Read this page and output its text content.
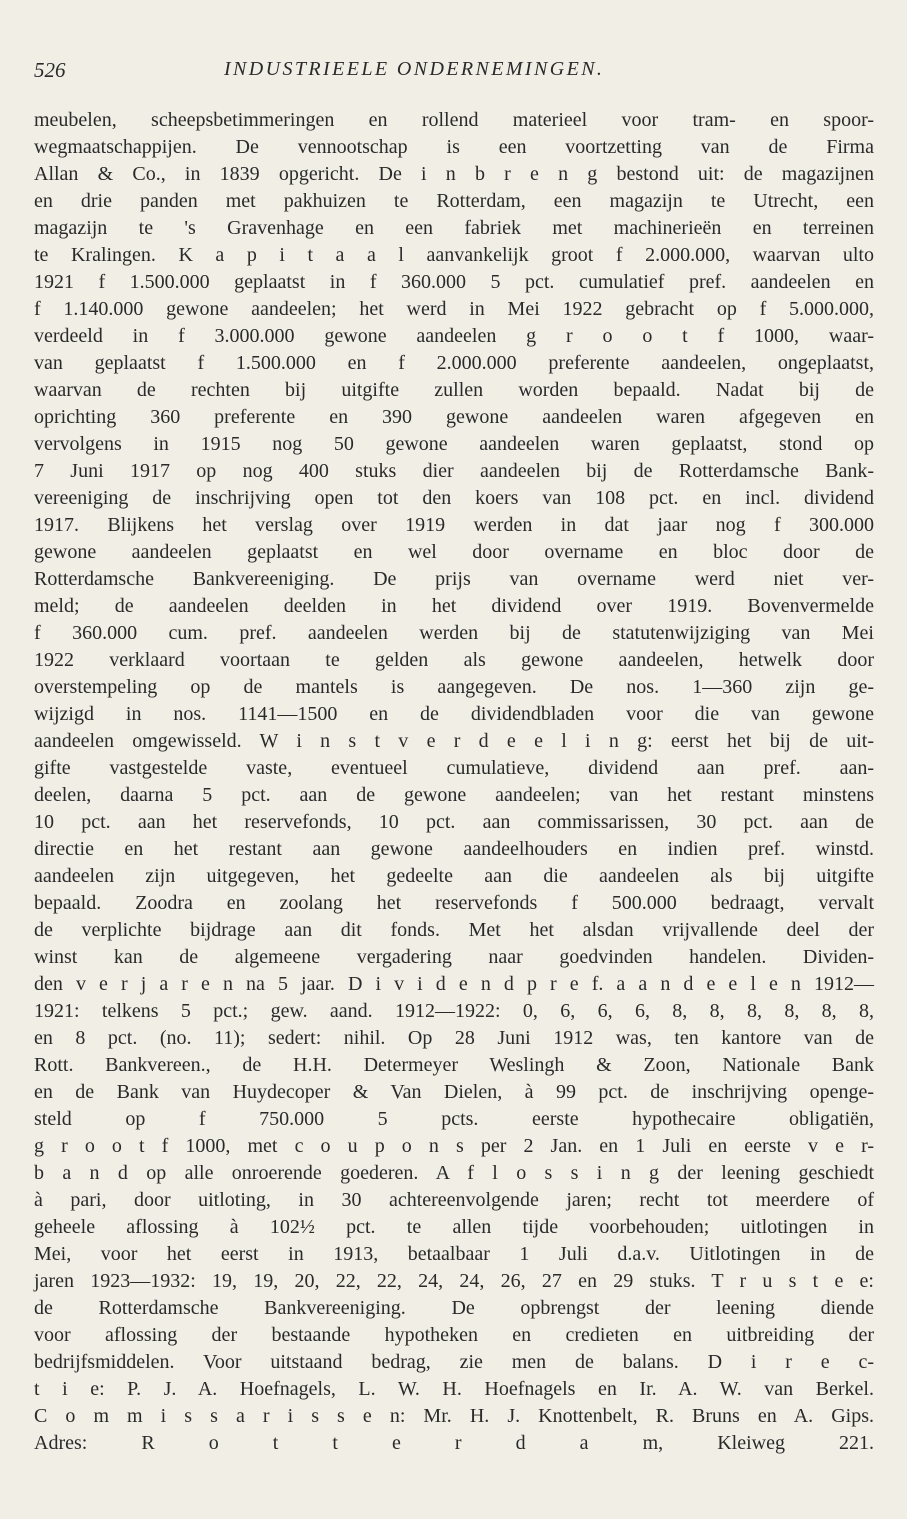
526	INDUSTRIEELE ONDERNEMINGEN.
meubelen, scheepsbetimmeringen en rollend materieel voor tram- en spoor-
wegmaatschappijen. De vennootschap is een voortzetting van de Firma
Allan & Co., in 1839 opgericht. De i n b r e n g bestond uit: de magazijnen
en drie panden met pakhuizen te Rotterdam, een magazijn te Utrecht, een
magazijn te 's Gravenhage en een fabriek met machinerieën en terreinen
te Kralingen. K a p i t a a l aanvankelijk groot f 2.000.000, waarvan ulto
1921 f 1.500.000 geplaatst in f 360.000 5 pct. cumulatief pref. aandeelen en
f 1.140.000 gewone aandeelen; het werd in Mei 1922 gebracht op f 5.000.000,
verdeeld in f 3.000.000 gewone aandeelen g r o o t f 1000, waar-
van geplaatst f 1.500.000 en f 2.000.000 preferente aandeelen, ongeplaatst,
waarvan de rechten bij uitgifte zullen worden bepaald. Nadat bij de
oprichting 360 preferente en 390 gewone aandeelen waren afgegeven en
vervolgens in 1915 nog 50 gewone aandeelen waren geplaatst, stond op
7 Juni 1917 op nog 400 stuks dier aandeelen bij de Rotterdamsche Bank-
vereeniging de inschrijving open tot den koers van 108 pct. en incl. dividend
1917. Blijkens het verslag over 1919 werden in dat jaar nog f 300.000
gewone aandeelen geplaatst en wel door overname en bloc door de
Rotterdamsche Bankvereeniging. De prijs van overname werd niet ver-
meld; de aandeelen deelden in het dividend over 1919. Bovenvermelde
f 360.000 cum. pref. aandeelen werden bij de statutenwijziging van Mei
1922 verklaard voortaan te gelden als gewone aandeelen, hetwelk door
overstempeling op de mantels is aangegeven. De nos. 1—360 zijn ge-
wijzigd in nos. 1141—1500 en de dividendbladen voor die van gewone
aandeelen omgewisseld. W i n s t v e r d e e l i n g: eerst het bij de uit-
gifte vastgestelde vaste, eventueel cumulatieve, dividend aan pref. aan-
deelen, daarna 5 pct. aan de gewone aandeelen; van het restant minstens
10 pct. aan het reservefonds, 10 pct. aan commissarissen, 30 pct. aan de
directie en het restant aan gewone aandeelhouders en indien pref. winstd.
aandeelen zijn uitgegeven, het gedeelte aan die aandeelen als bij uitgifte
bepaald. Zoodra en zoolang het reservefonds f 500.000 bedraagt, vervalt
de verplichte bijdrage aan dit fonds. Met het alsdan vrijvallende deel der
winst kan de algemeene vergadering naar goedvinden handelen. Dividen-
den v e r j a r e n na 5 jaar. D i v i d e n d p r e f. a a n d e e l e n 1912—
1921: telkens 5 pct.; gew. aand. 1912—1922: 0, 6, 6, 6, 8, 8, 8, 8, 8, 8,
en 8 pct. (no. 11); sedert: nihil. Op 28 Juni 1912 was, ten kantore van de
Rott. Bankvereen., de H.H. Determeyer Weslingh & Zoon, Nationale Bank
en de Bank van Huydecoper & Van Dielen, à 99 pct. de inschrijving openge-
steld op f 750.000 5 pcts. eerste hypothecaire obligatiën,
g r o o t f 1000, met c o u p o n s per 2 Jan. en 1 Juli en eerste v e r-
b a n d op alle onroerende goederen. A f l o s s i n g der leening geschiedt
à pari, door uitloting, in 30 achtereenvolgende jaren; recht tot meerdere of
geheele aflossing à 102½ pct. te allen tijde voorbehouden; uitlotingen in
Mei, voor het eerst in 1913, betaalbaar 1 Juli d.a.v. Uitlotingen in de
jaren 1923—1932: 19, 19, 20, 22, 22, 24, 24, 26, 27 en 29 stuks. T r u s t e e:
de Rotterdamsche Bankvereeniging. De opbrengst der leening diende
voor aflossing der bestaande hypotheken en credieten en uitbreiding der
bedrijfsmiddelen. Voor uitstaand bedrag, zie men de balans. D i r e c-
t i e: P. J. A. Hoefnagels, L. W. H. Hoefnagels en Ir. A. W. van Berkel.
C o m m i s s a r i s s e n: Mr. H. J. Knottenbelt, R. Bruns en A. Gips.
Adres: R o t t e r d a m, Kleiweg 221.
